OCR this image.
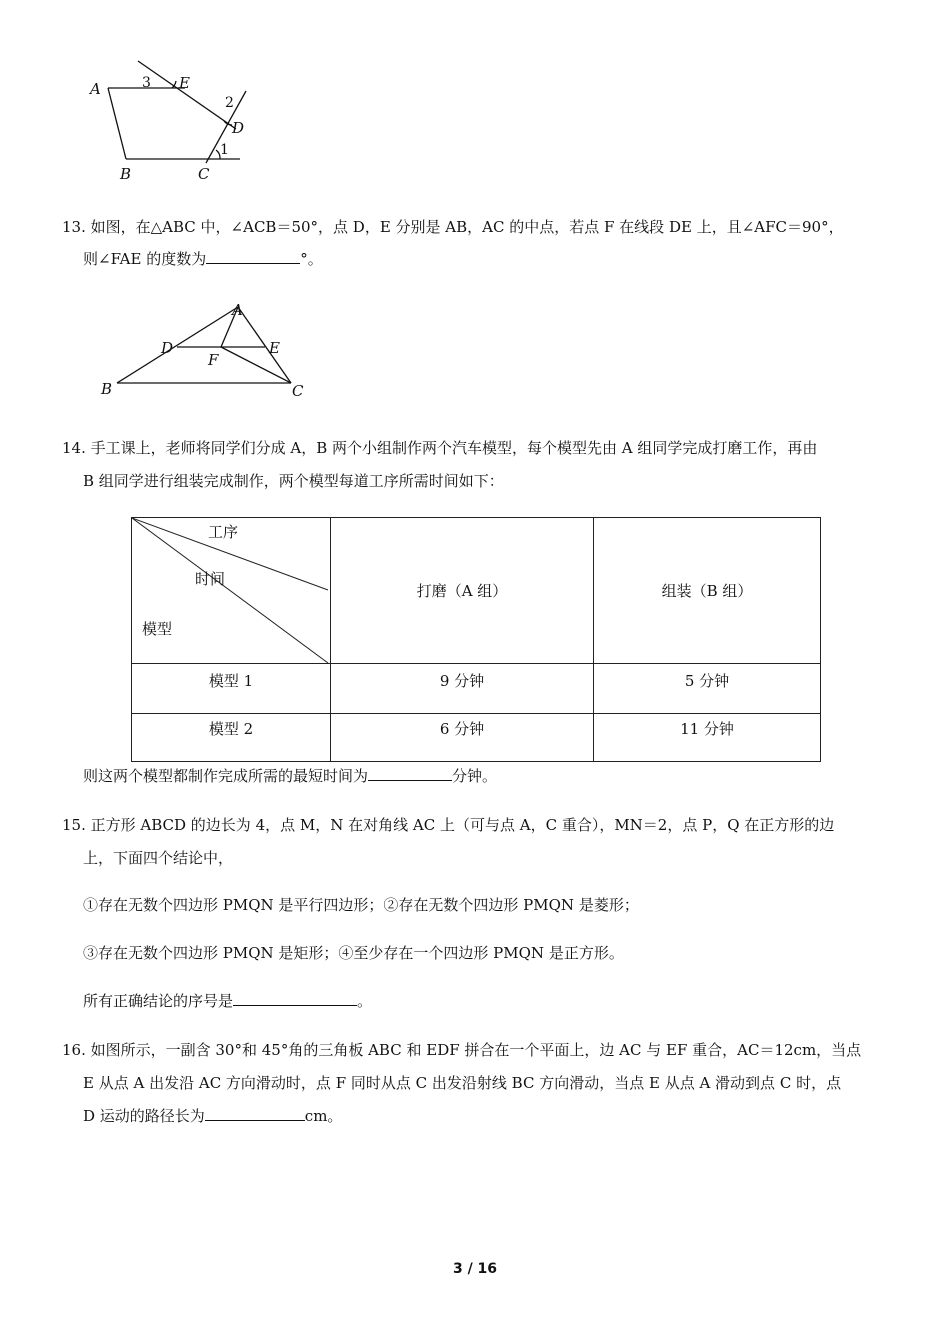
A	E
3
2
D
1
B	C
13. 如图，在△ABC 中，∠ACB＝50°，点 D，E 分别是 AB，AC 的中点，若点 F 在线段 DE 上，且∠AFC＝90°，
则∠FAE 的度数为	°。
A
D	E
F
B	C
14. 手工课上，老师将同学们分成 A，B 两个小组制作两个汽车模型，每个模型先由 A 组同学完成打磨工作，再由
B 组同学进行组装完成制作，两个模型每道工序所需时间如下：
工序
时间
模型	打磨（A 组）	组装（B 组）
模型 1	9 分钟	5 分钟
模型 2	6 分钟	11 分钟
则这两个模型都制作完成所需的最短时间为	分钟。
15. 正方形 ABCD 的边长为 4，点 M，N 在对角线 AC 上（可与点 A，C 重合），MN＝2，点 P，Q 在正方形的边
上，下面四个结论中，
①存在无数个四边形 PMQN 是平行四边形；②存在无数个四边形 PMQN 是菱形；
③存在无数个四边形 PMQN 是矩形；④至少存在一个四边形 PMQN 是正方形。
所有正确结论的序号是	。
16. 如图所示，一副含 30°和 45°角的三角板 ABC 和 EDF 拼合在一个平面上，边 AC 与 EF 重合，AC＝12cm，当点
E 从点 A 出发沿 AC 方向滑动时，点 F 同时从点 C 出发沿射线 BC 方向滑动，当点 E 从点 A 滑动到点 C 时，点
D 运动的路径长为	cm。
3 / 16
